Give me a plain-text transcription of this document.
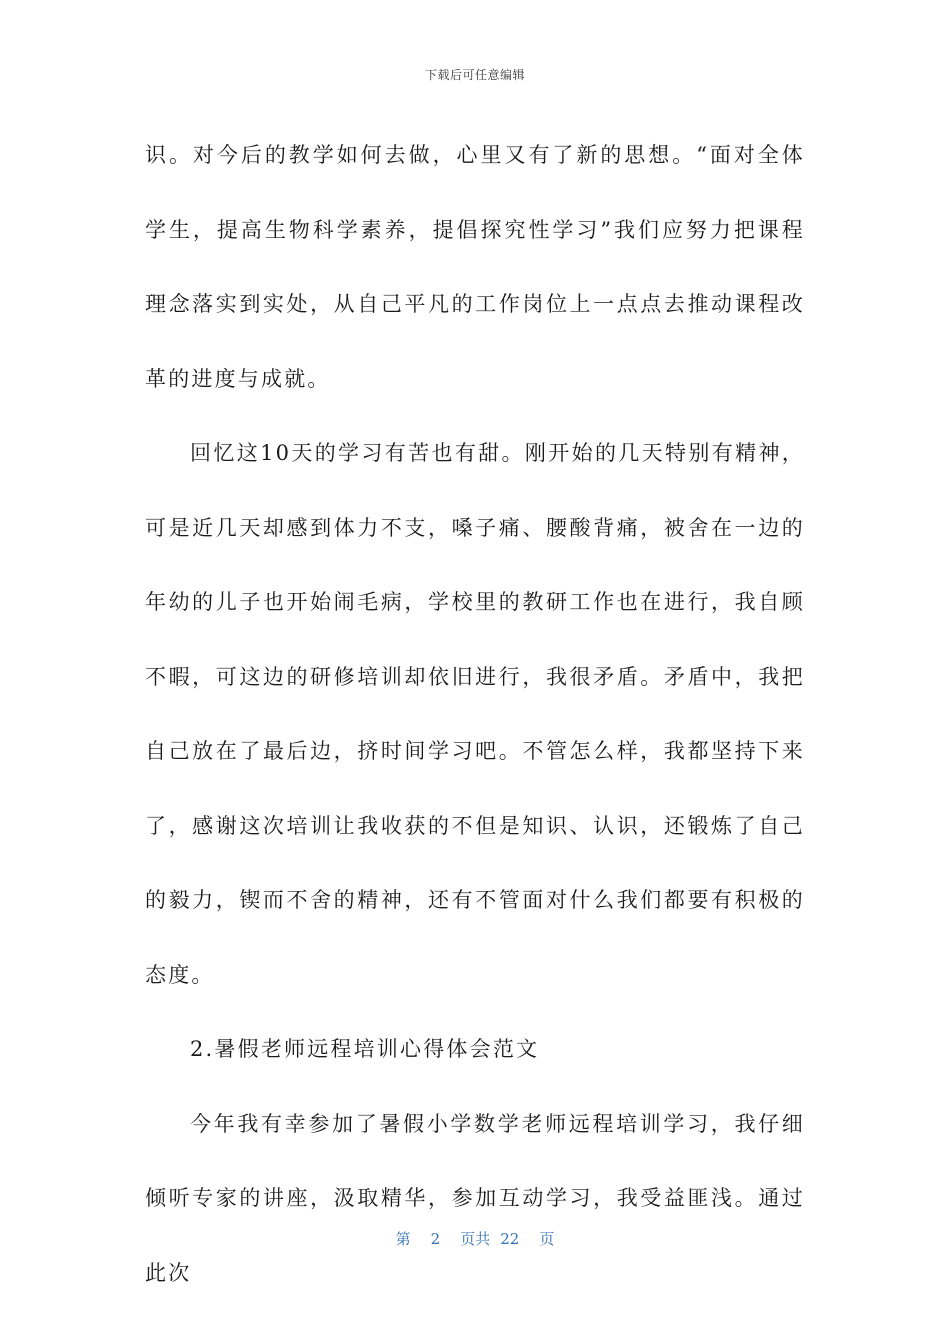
下载后可任意编辑

识。对今后的教学如何去做，心里又有了新的思想。“面对全体学生，提高生物科学素养，提倡探究性学习”我们应努力把课程理念落实到实处，从自己平凡的工作岗位上一点点去推动课程改革的进度与成就。

回忆这10天的学习有苦也有甜。刚开始的几天特别有精神，可是近几天却感到体力不支，嗓子痛、腰酸背痛，被舍在一边的年幼的儿子也开始闹毛病，学校里的教研工作也在进行，我自顾不暇，可这边的研修培训却依旧进行，我很矛盾。矛盾中，我把自己放在了最后边，挤时间学习吧。不管怎么样，我都坚持下来了，感谢这次培训让我收获的不但是知识、认识，还锻炼了自己的毅力，锲而不舍的精神，还有不管面对什么我们都要有积极的态度。

2.暑假老师远程培训心得体会范文

今年我有幸参加了暑假小学数学老师远程培训学习，我仔细倾听专家的讲座，汲取精华，参加互动学习，我受益匪浅。通过此次

第 2 页共 22 页
